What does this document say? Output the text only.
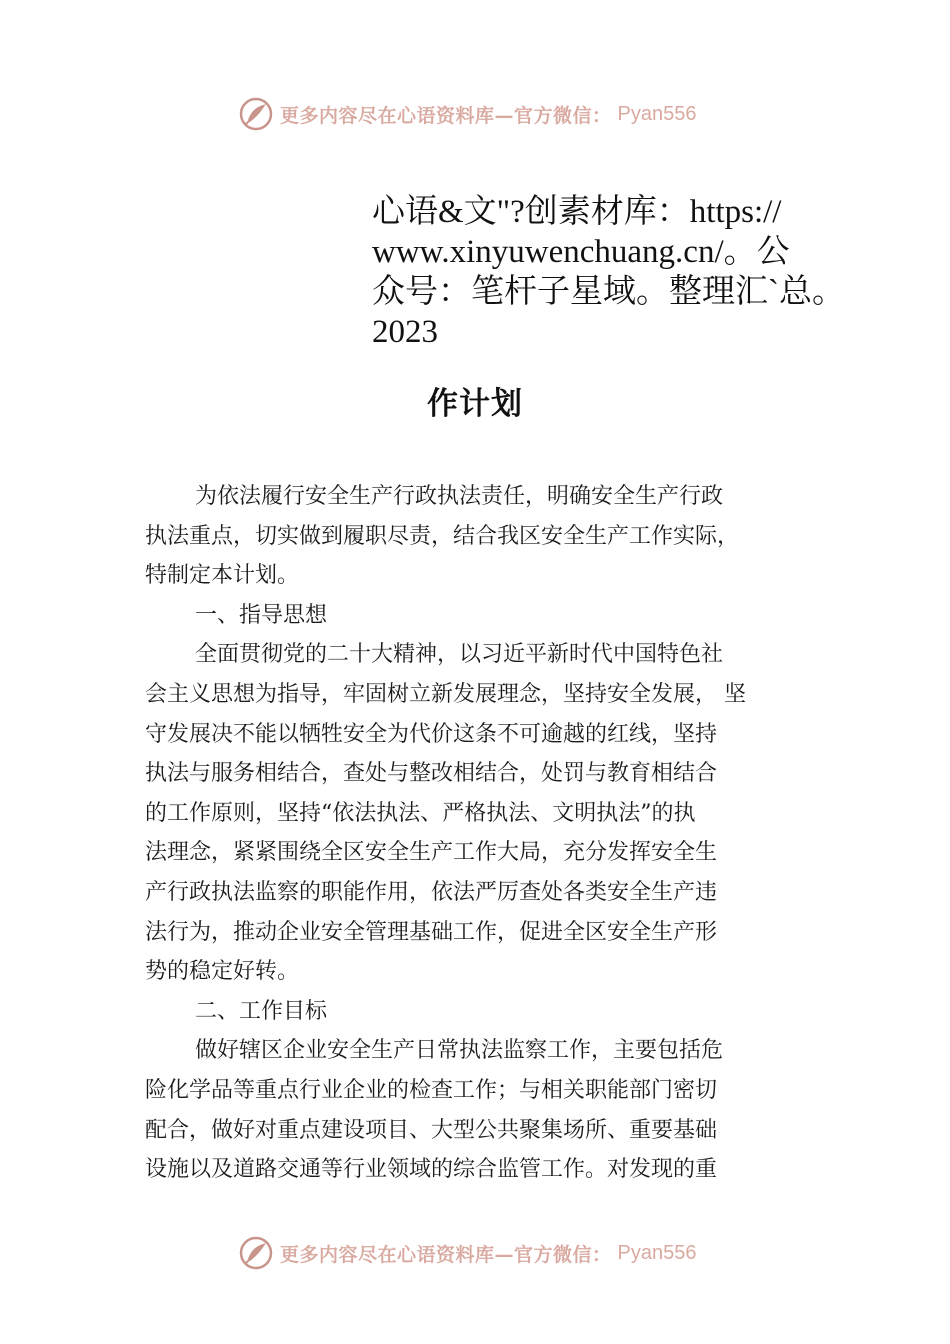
更多内容尽在心语资料库—官方微信： Pyan556
心语&文"?创素材库：https://
www.xinyuwenchuang.cn/。公
众号：笔杆子星域。整理汇`总。
2023
作计划
为依法履行安全生产行政执法责任，明确安全生产行政
执法重点，切实做到履职尽责，结合我区安全生产工作实际，
特制定本计划。
一、指导思想
全面贯彻党的二十大精神，以习近平新时代中国特色社
会主义思想为指导，牢固树立新发展理念，坚持安全发展， 坚
守发展决不能以牺牲安全为代价这条不可逾越的红线，坚持
执法与服务相结合，查处与整改相结合，处罚与教育相结合
的工作原则，坚持“依法执法、严格执法、文明执法”的执
法理念，紧紧围绕全区安全生产工作大局，充分发挥安全生
产行政执法监察的职能作用，依法严厉查处各类安全生产违
法行为，推动企业安全管理基础工作，促进全区安全生产形
势的稳定好转。
二、工作目标
做好辖区企业安全生产日常执法监察工作，主要包括危
险化学品等重点行业企业的检查工作；与相关职能部门密切
配合，做好对重点建设项目、大型公共聚集场所、重要基础
设施以及道路交通等行业领域的综合监管工作。对发现的重
更多内容尽在心语资料库—官方微信： Pyan556
